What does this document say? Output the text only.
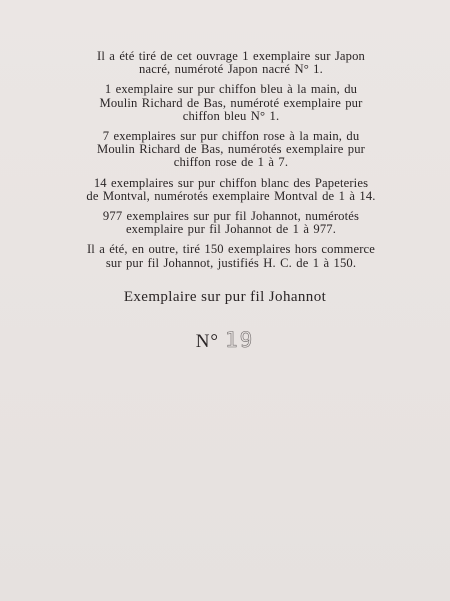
Il a été tiré de cet ouvrage 1 exemplaire sur Japon
nacré, numéroté Japon nacré N° 1.

1 exemplaire sur pur chiffon bleu à la main, du
Moulin Richard de Bas, numéroté exemplaire pur
chiffon bleu N° 1.

7 exemplaires sur pur chiffon rose à la main, du
Moulin Richard de Bas, numérotés exemplaire pur
chiffon rose de 1 à 7.

14 exemplaires sur pur chiffon blanc des Papeteries
de Montval, numérotés exemplaire Montval de 1 à 14.

977 exemplaires sur pur fil Johannot, numérotés
exemplaire pur fil Johannot de 1 à 977.

Il a été, en outre, tiré 150 exemplaires hors commerce
sur pur fil Johannot, justifiés H. C. de 1 à 150.

Exemplaire sur pur fil Johannot
N° 19
